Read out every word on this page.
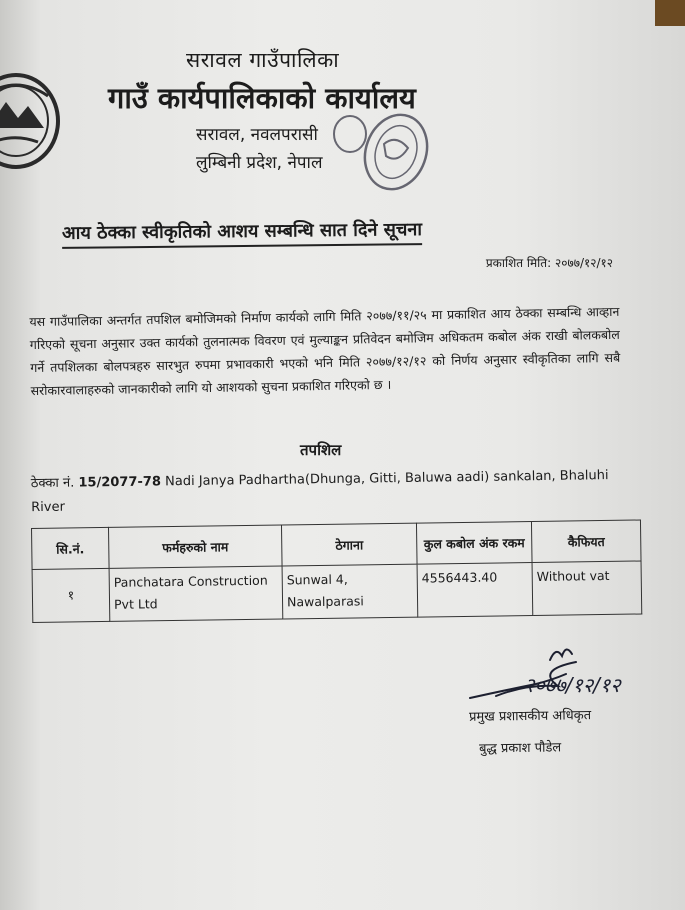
सरावल गाउँपालिका
गाउँ कार्यपालिकाको कार्यालय
सरावल, नवलपरासी
लुम्बिनी प्रदेश, नेपाल
आय ठेक्का स्वीकृतिको आशय सम्बन्धि सात दिने सूचना
प्रकाशित मिति: २०७७/१२/१२
यस गाउँपालिका अन्तर्गत तपशिल बमोजिमको निर्माण कार्यको लागि मिति २०७७/११/२५ मा प्रकाशित आय ठेक्का सम्बन्धि आव्हान गरिएको सूचना अनुसार उक्त कार्यको तुलनात्मक विवरण एवं मुल्याङ्कन प्रतिवेदन बमोजिम अधिकतम कबोल अंक राखी बोलकबोल गर्ने तपशिलका बोलपत्रहरु सारभुत रुपमा प्रभावकारी भएको भनि मिति २०७७/१२/१२ को निर्णय अनुसार स्वीकृतिका लागि सबै सरोकारवालाहरुको जानकारीको लागि यो आशयको सुचना प्रकाशित गरिएको छ ।
तपशिल
ठेक्का नं. 15/2077-78 Nadi Janya Padhartha(Dhunga, Gitti, Baluwa aadi) sankalan, Bhaluhi River
सि.नं.	फर्महरुको नाम	ठेगाना	कुल कबोल अंक रकम	कैफियत
१	Panchatara Construction Pvt Ltd	Sunwal 4, Nawalparasi	4556443.40	Without vat
२०७७/१२/१२
प्रमुख प्रशासकीय अधिकृत
बुद्ध प्रकाश पौडेल
